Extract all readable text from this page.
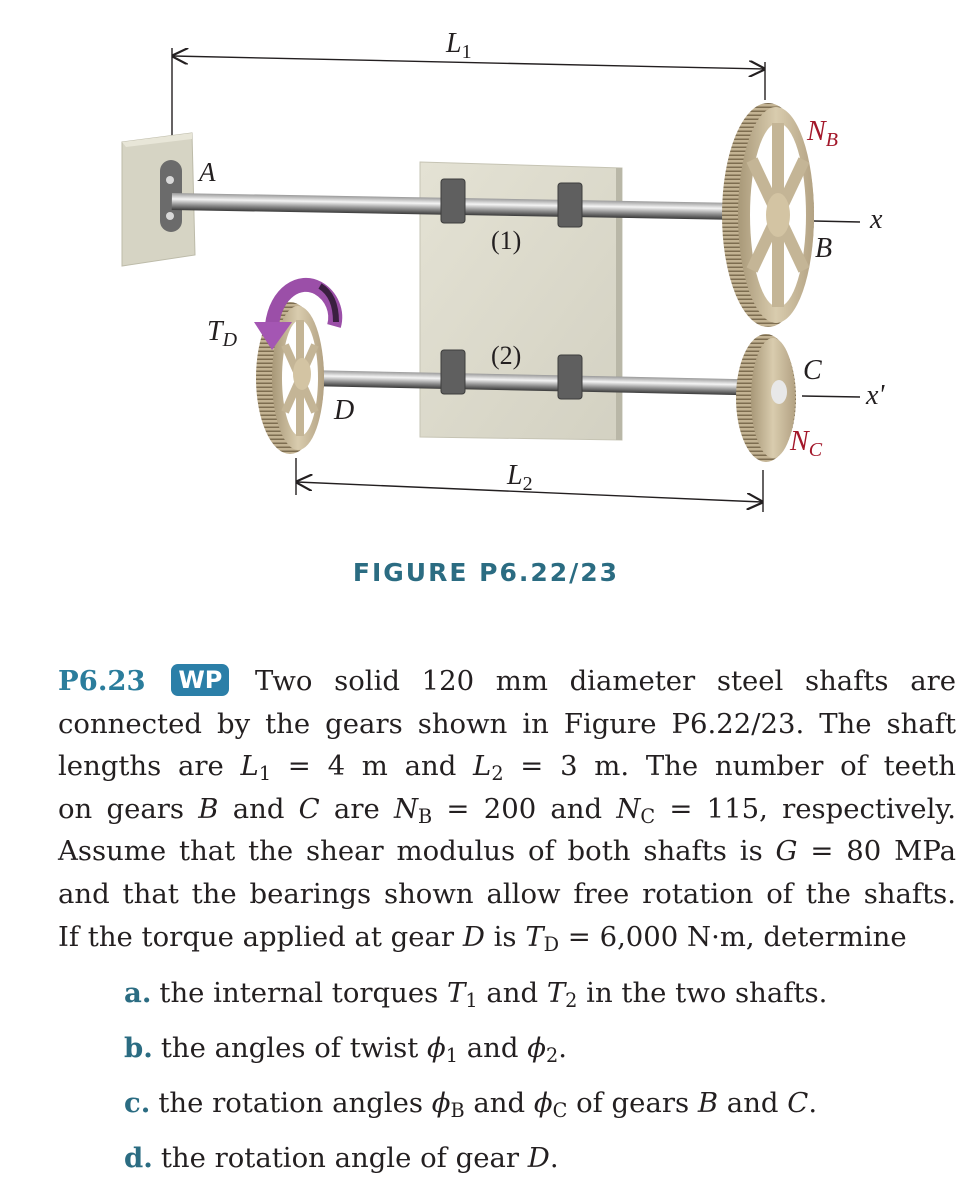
$L_1$
$L_2$
A
B
C
D
$N_B$
$N_C$
$T_D$
x
x'
(1)
(2)
FIGURE P6.22/23
P6.23 WP Two solid 120 mm diameter steel shafts are
connected by the gears shown in Figure P6.22/23. The shaft
lengths are $L_1 = 4$ m and $L_2 = 3$ m. The number of teeth
on gears B and C are $N_B = 200$ and $N_C = 115$, respectively.
Assume that the shear modulus of both shafts is G = 80 MPa
and that the bearings shown allow free rotation of the shafts.
If the torque applied at gear D is $T_D = 6,000$ N·m, determine
a. the internal torques $T_1$ and $T_2$ in the two shafts.
b. the angles of twist $\phi_1$ and $\phi_2$.
c. the rotation angles $\phi_B$ and $\phi_C$ of gears B and C.
d. the rotation angle of gear D.
